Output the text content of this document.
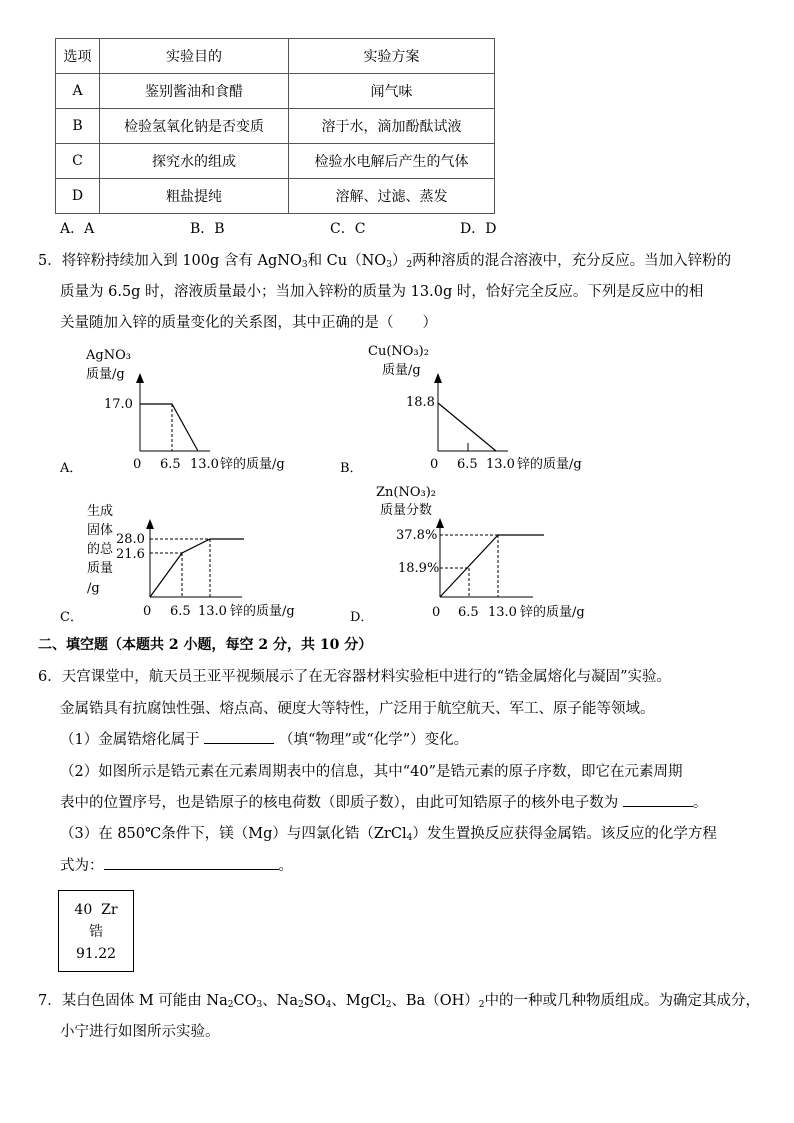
选项	实验目的	实验方案
A	鉴别酱油和食醋	闻气味
B	检验氢氧化钠是否变质	溶于水，滴加酚酞试液
C	探究水的组成	检验水电解后产生的气体
D	粗盐提纯	溶解、过滤、蒸发
A．A	B．B	C．C	D．D
5．将锌粉持续加入到 100g 含有 AgNO$_3$和 $Cu(NO_3)_2$两种溶质的混合溶液中，充分反应。当加入锌粉的
质量为 6.5g 时，溶液质量最小；当加入锌粉的质量为 13.0g 时，恰好完全反应。下列是反应中的相
关量随加入锌的质量变化的关系图，其中正确的是（　　）
AgNO₃
质量/g
17.0
0 6.5 13.0 锌的质量/g
A．
Cu(NO₃)₂
质量/g
18.8
0 6.5 13.0 锌的质量/g
B．
生成
固体
的总
质量
/g
28.0
21.6
0 6.5 13.0 锌的质量/g
C．
Zn(NO₃)₂
质量分数
37.8%
18.9%
0 6.5 13.0 锌的质量/g
D．
二、填空题（本题共 2 小题，每空 2 分，共 10 分）
6．天宫课堂中，航天员王亚平视频展示了在无容器材料实验柜中进行的“锆金属熔化与凝固”实验。
金属锆具有抗腐蚀性强、熔点高、硬度大等特性，广泛用于航空航天、军工、原子能等领域。
（1）金属锆熔化属于	（填“物理”或“化学”）变化。
（2）如图所示是锆元素在元素周期表中的信息，其中“40”是锆元素的原子序数，即它在元素周期
表中的位置序号，也是锆原子的核电荷数（即质子数），由此可知锆原子的核外电子数为	。
（3）在 850℃条件下，镁（Mg）与四氯化锆（ZrCl$_4$）发生置换反应获得金属锆。该反应的化学方程
式为：	。
40 Zr
锆
91.22
7．某白色固体 M 可能由 $Na_2CO_3$、$Na_2SO_4$、MgCl$_2$、$Ba(OH)_2$中的一种或几种物质组成。为确定其成分，
小宁进行如图所示实验。
